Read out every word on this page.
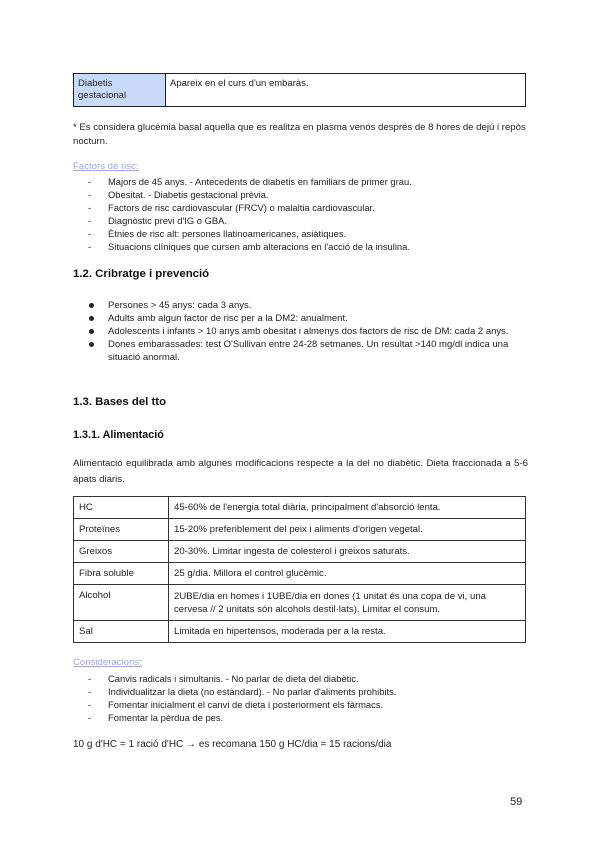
Diabetis gestacional	Apareix en el curs d'un embaràs.
* Es considera glucèmia basal aquella que es realitza en plasma venós després de 8 hores de dejú i repòs nocturn.
Factors de risc:
- Majors de 45 anys. - Antecedents de diabetis en familiars de primer grau.
- Obesitat. - Diabetis gestacional prèvia.
- Factors de risc cardiovascular (FRCV) o malaltia cardiovascular.
- Diagnòstic previ d'IG o GBA.
- Ètnies de risc alt: persones llatinoamericanes, asiàtiques.
- Situacions clíniques que cursen amb alteracions en l'acció de la insulina.
1.2. Cribratge i prevenció
Persones > 45 anys: cada 3 anys.
Adults amb algun factor de risc per a la DM2: anualment.
Adolescents i infants > 10 anys amb obesitat i almenys dos factors de risc de DM: cada 2 anys.
Dones embarassades: test O'Sullivan entre 24-28 setmanes. Un resultat >140 mg/dl indica una situació anormal.
1.3. Bases del tto
1.3.1. Alimentació
Alimentació equilibrada amb algunes modificacions respecte a la del no diabètic. Dieta fraccionada a 5-6 àpats diaris.
HC	45-60% de l'energia total diària, principalment d'absorció lenta.
Proteïnes	15-20% preferiblement del peix i aliments d'origen vegetal.
Greixos	20-30%. Limitar ingesta de colesterol i greixos saturats.
Fibra soluble	25 g/dia. Millora el control glucèmic.
Alcohol	2UBE/dia en homes i 1UBE/dia en dones (1 unitat és una copa de vi, una cervesa // 2 unitats són alcohols destil·lats). Limitar el consum.
Sal	Limitada en hipertensos, moderada per a la resta.
Consideracions:
- Canvis radicals i simultanis. - No parlar de dieta del diabètic.
- Individualitzar la dieta (no estàndard). - No parlar d'aliments prohibits.
- Fomentar inicialment el canvi de dieta i posteriorment els fàrmacs.
- Fomentar la pèrdua de pes.
10 g d'HC = 1 ració d'HC → es recomana 150 g HC/dia = 15 racions/dia
59
